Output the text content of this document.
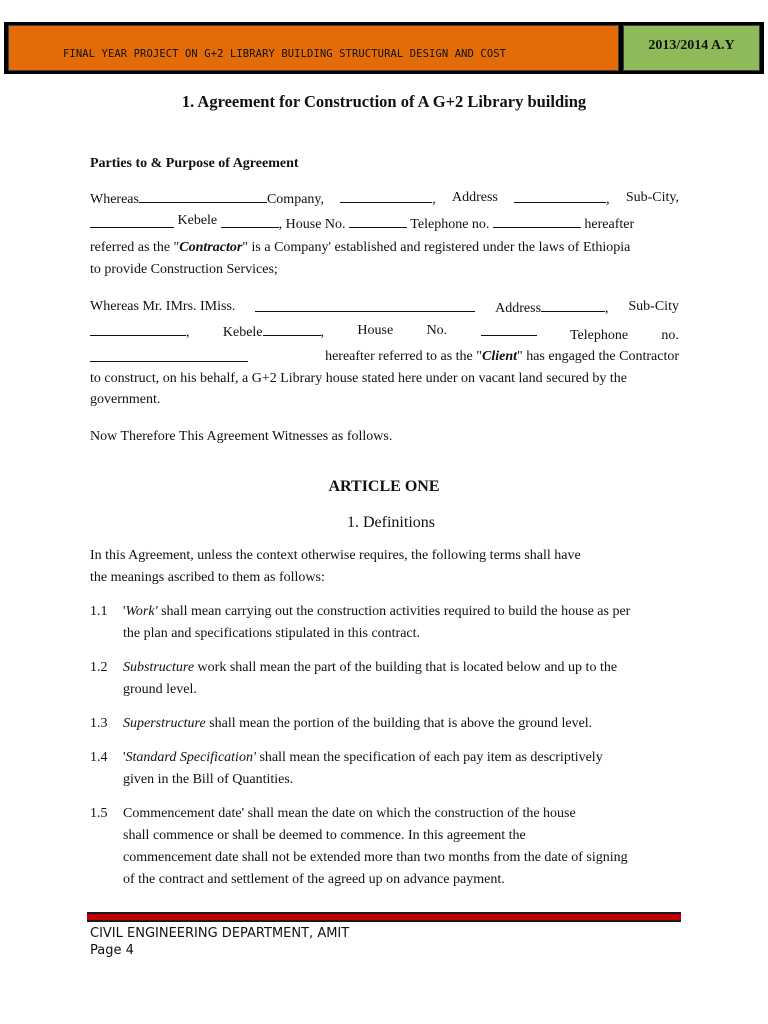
FINAL YEAR PROJECT ON G+2 LIBRARY BUILDING STRUCTURAL DESIGN AND COST
2013/2014 A.Y
1. Agreement for Construction of A G+2 Library building
Parties to & Purpose of Agreement
Whereas	Company,	, Address	, Sub-City,
Kebele	, House No.	Telephone no.	hereafter
referred as the "Contractor" is a Company' established and registered under the laws of Ethiopia
to provide Construction Services;
Whereas Mr. IMrs. IMiss.	Address	, Sub-City
, Kebele	, House No.	Telephone no.
hereafter referred to as the "Client" has engaged the Contractor
to construct, on his behalf, a G+2 Library house stated here under on vacant land secured by the
government.
Now Therefore This Agreement Witnesses as follows.
ARTICLE ONE
1. Definitions
In this Agreement, unless the context otherwise requires, the following terms shall have
the meanings ascribed to them as follows:
1.1 'Work' shall mean carrying out the construction activities required to build the house as per
the plan and specifications stipulated in this contract.
1.2 Substructure work shall mean the part of the building that is located below and up to the
ground level.
1.3 Superstructure shall mean the portion of the building that is above the ground level.
1.4 'Standard Specification' shall mean the specification of each pay item as descriptively
given in the Bill of Quantities.
1.5 Commencement date' shall mean the date on which the construction of the house
shall commence or shall be deemed to commence. In this agreement the
commencement date shall not be extended more than two months from the date of signing
of the contract and settlement of the agreed up on advance payment.
CIVIL ENGINEERING DEPARTMENT, AMIT
Page 4
